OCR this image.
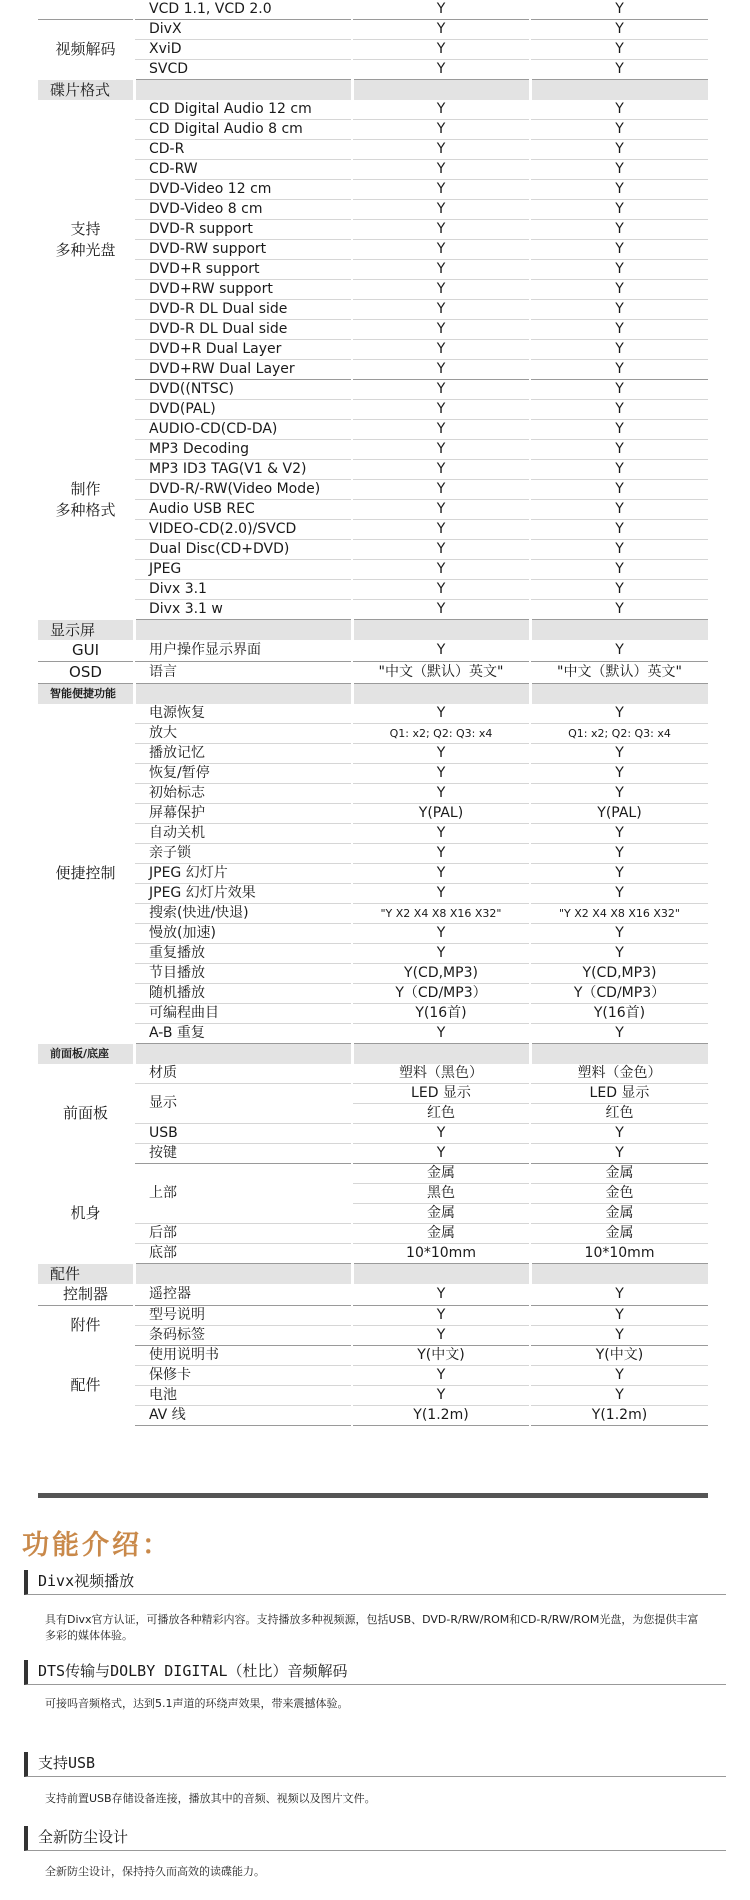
	VCD 1.1, VCD 2.0	Y	Y
视频解码	DivX	Y	Y
	XviD	Y	Y
	SVCD	Y	Y
碟片格式			
支持
多种光盘	CD Digital Audio 12 cm	Y	Y
	CD Digital Audio 8 cm	Y	Y
	CD-R	Y	Y
	CD-RW	Y	Y
	DVD-Video 12 cm	Y	Y
	DVD-Video 8 cm	Y	Y
	DVD-R support	Y	Y
	DVD-RW support	Y	Y
	DVD+R support	Y	Y
	DVD+RW support	Y	Y
	DVD-R DL Dual side	Y	Y
	DVD-R DL Dual side	Y	Y
	DVD+R Dual Layer	Y	Y
	DVD+RW Dual Layer	Y	Y
制作
多种格式	DVD((NTSC)	Y	Y
	DVD(PAL)	Y	Y
	AUDIO-CD(CD-DA)	Y	Y
	MP3 Decoding	Y	Y
	MP3 ID3 TAG(V1 & V2)	Y	Y
	DVD-R/-RW(Video Mode)	Y	Y
	Audio USB REC	Y	Y
	VIDEO-CD(2.0)/SVCD	Y	Y
	Dual Disc(CD+DVD)	Y	Y
	JPEG	Y	Y
	Divx 3.1	Y	Y
	Divx 3.1 w	Y	Y
显示屏			
GUI	用户操作显示界面	Y	Y
OSD	语言	"中文（默认）英文"	"中文（默认）英文"
智能便捷功能			
便捷控制	电源恢复	Y	Y
	放大	Q1: x2; Q2: Q3: x4	Q1: x2; Q2: Q3: x4
	播放记忆	Y	Y
	恢复/暂停	Y	Y
	初始标志	Y	Y
	屏幕保护	Y(PAL)	Y(PAL)
	自动关机	Y	Y
	亲子锁	Y	Y
	JPEG 幻灯片	Y	Y
	JPEG 幻灯片效果	Y	Y
	搜索(快进/快退)	"Y X2 X4 X8 X16 X32"	"Y X2 X4 X8 X16 X32"
	慢放(加速)	Y	Y
	重复播放	Y	Y
	节目播放	Y(CD,MP3)	Y(CD,MP3)
	随机播放	Y（CD/MP3）	Y（CD/MP3）
	可编程曲目	Y(16首)	Y(16首)
	A-B 重复	Y	Y
前面板/底座			
前面板	材质	塑料（黑色）	塑料（金色）
	显示	LED 显示	LED 显示
		红色	红色
	USB	Y	Y
	按键	Y	Y
机身	上部	金属	金属
		黑色	金色
		金属	金属
	后部	金属	金属
	底部	10*10mm	10*10mm
配件			
控制器	遥控器	Y	Y
附件	型号说明	Y	Y
	条码标签	Y	Y
配件	使用说明书	Y(中文)	Y(中文)
	保修卡	Y	Y
	电池	Y	Y
	AV 线	Y(1.2m)	Y(1.2m)
功能介绍：
Divx视频播放
具有Divx官方认证，可播放各种精彩内容。支持播放多种视频源，包括USB、DVD-R/RW/ROM和CD-R/RW/ROM光盘，为您提供丰富多彩的媒体体验。
DTS传输与DOLBY DIGITAL（杜比）音频解码
可接吗音频格式，达到5.1声道的环绕声效果，带来震撼体验。
支持USB
支持前置USB存储设备连接，播放其中的音频、视频以及图片文件。
全新防尘设计
全新防尘设计，保持持久而高效的读碟能力。
